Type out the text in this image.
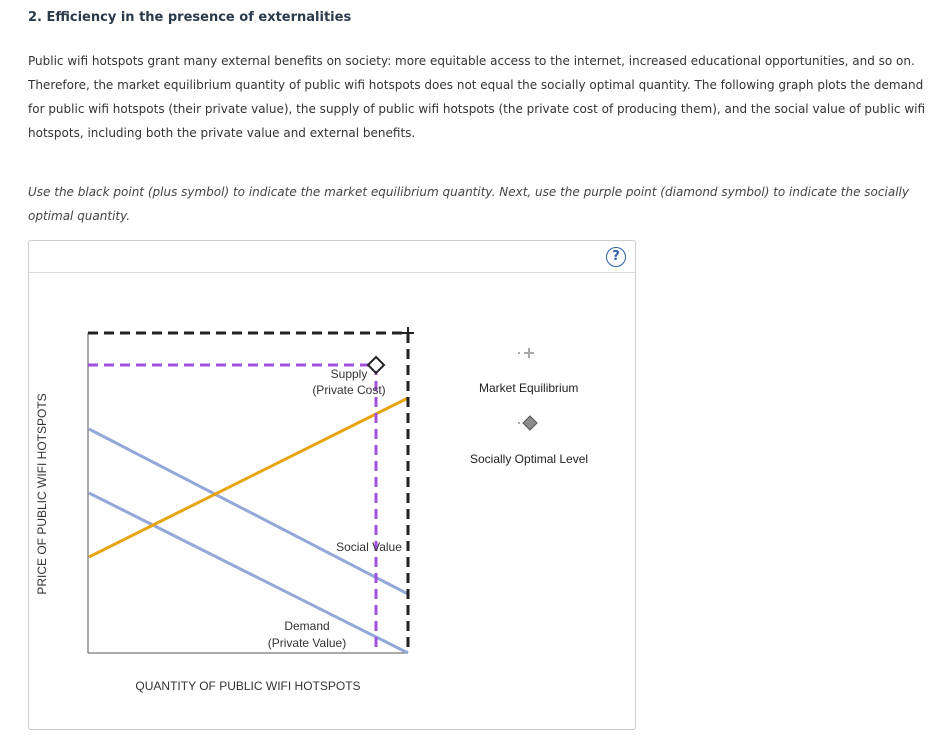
2. Efficiency in the presence of externalities
Public wifi hotspots grant many external benefits on society: more equitable access to the internet, increased educational opportunities, and so on.
Therefore, the market equilibrium quantity of public wifi hotspots does not equal the socially optimal quantity. The following graph plots the demand
for public wifi hotspots (their private value), the supply of public wifi hotspots (the private cost of producing them), and the social value of public wifi
hotspots, including both the private value and external benefits.
Use the black point (plus symbol) to indicate the market equilibrium quantity. Next, use the purple point (diamond symbol) to indicate the socially
optimal quantity.
?
Supply
(Private Cost)
Social Value
Demand
(Private Value)
QUANTITY OF PUBLIC WIFI HOTSPOTS
PRICE OF PUBLIC WIFI HOTSPOTS
Market Equilibrium
Socially Optimal Level
